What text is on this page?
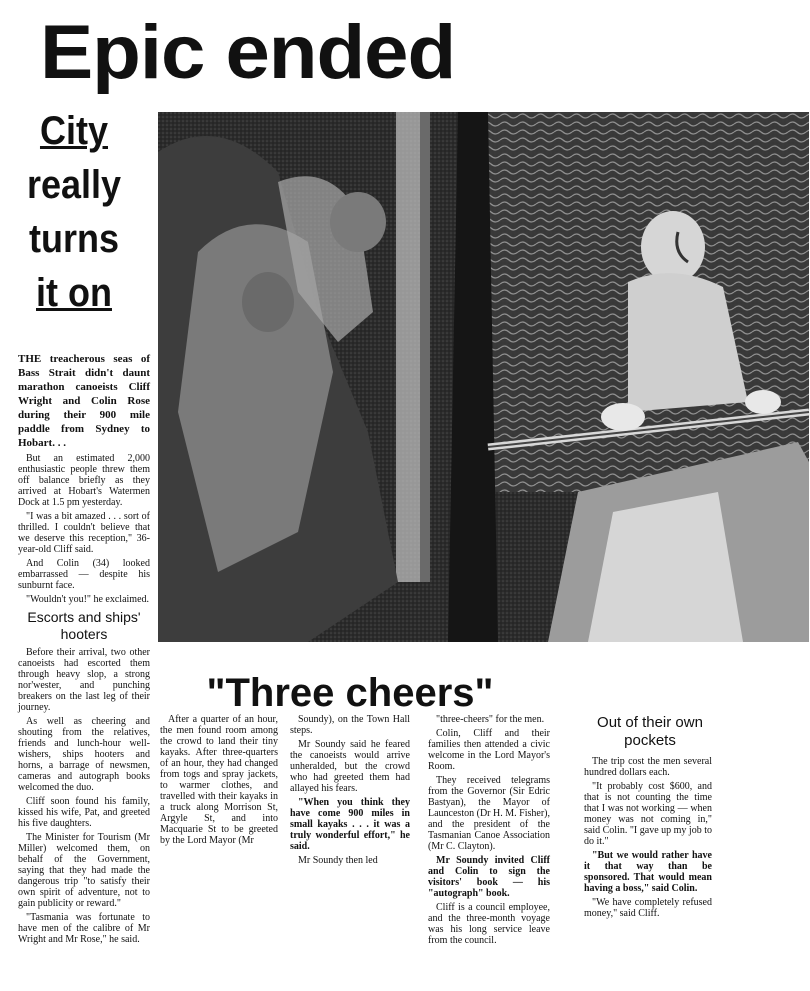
Epic ended
City
really
turns
it on

THE treacherous seas of Bass Strait didn't daunt marathon canoeists Cliff Wright and Colin Rose during their 900 mile paddle from Sydney to Hobart. . .

But an estimated 2,000 enthusiastic people threw them off balance briefly as they arrived at Hobart's Watermen Dock at 1.5 pm yesterday.

"I was a bit amazed . . . sort of thrilled. I couldn't believe that we deserve this reception," 36-year-old Cliff said.

And Colin (34) looked embarrassed — despite his sunburnt face.

"Wouldn't you!" he exclaimed.

Escorts and ships' hooters

Before their arrival, two other canoeists had escorted them through heavy slop, a strong nor'wester, and punching breakers on the last leg of their journey.

As well as cheering and shouting from the relatives, friends and lunch-hour well-wishers, ships hooters and horns, a barrage of newsmen, cameras and autograph books welcomed the duo.

Cliff soon found his family, kissed his wife, Pat, and greeted his five daughters.

The Minister for Tourism (Mr Miller) welcomed them, on behalf of the Government, saying that they had made the dangerous trip "to satisfy their own spirit of adventure, not to gain publicity or reward."

"Tasmania was fortunate to have men of the calibre of Mr Wright and Mr Rose," he said.

"Three cheers"

After a quarter of an hour, the men found room among the crowd to land their tiny kayaks. After three-quarters of an hour, they had changed from togs and spray jackets, to warmer clothes, and travelled with their kayaks in a truck along Morrison St, Argyle St, and into Macquarie St to be greeted by the Lord Mayor (Mr

Soundy), on the Town Hall steps.

Mr Soundy said he feared the canoeists would arrive unheralded, but the crowd who had greeted them had allayed his fears.

"When you think they have come 900 miles in small kayaks . . . it was a truly wonderful effort," he said.

Mr Soundy then led

"three-cheers" for the men.

Colin, Cliff and their families then attended a civic welcome in the Lord Mayor's Room.

They received telegrams from the Governor (Sir Edric Bastyan), the Mayor of Launceston (Dr H. M. Fisher), and the president of the Tasmanian Canoe Association (Mr C. Clayton).

Mr Soundy invited Cliff and Colin to sign the visitors' book — his "autograph" book.

Cliff is a council employee, and the three-month voyage was his long service leave from the council.

Out of their own pockets

The trip cost the men several hundred dollars each.

"It probably cost $600, and that is not counting the time that I was not working — when money was not coming in," said Colin. "I gave up my job to do it."

"But we would rather have it that way than be sponsored. That would mean having a boss," said Colin.

"We have completely refused money," said Cliff.
